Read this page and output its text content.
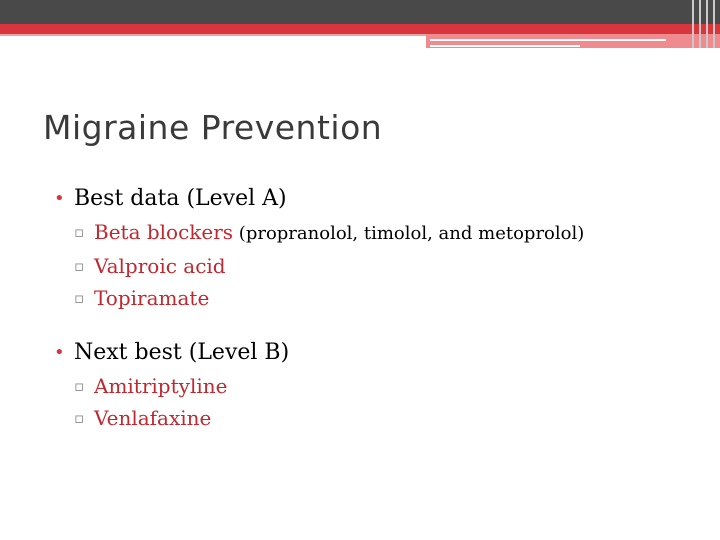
Migraine Prevention
• Best data (Level A)
▫ Beta blockers (propranolol, timolol, and metoprolol)
▫ Valproic acid
▫ Topiramate
• Next best (Level B)
▫ Amitriptyline
▫ Venlafaxine
